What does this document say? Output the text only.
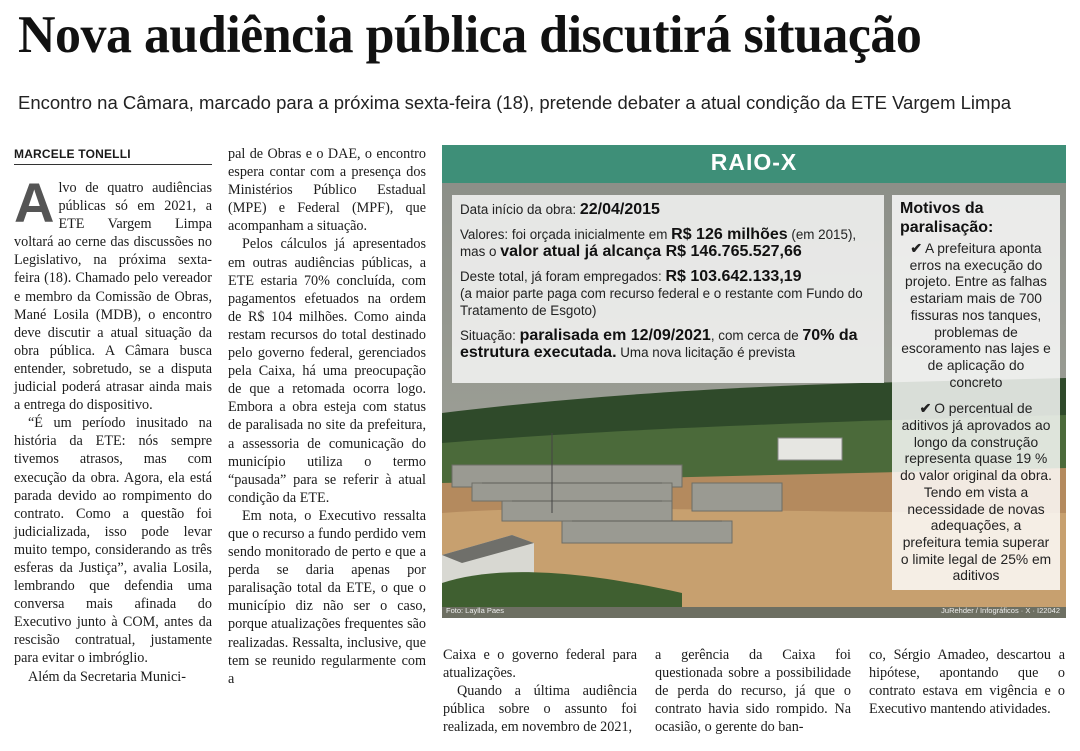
Nova audiência pública discutirá situação
Encontro na Câmara, marcado para a próxima sexta-feira (18), pretende debater a atual condição da ETE Vargem Limpa
MARCELE TONELLI

Alvo de quatro audiências públicas só em 2021, a ETE Vargem Limpa voltará ao cerne das discussões no Legislativo, na próxima sexta-feira (18). Chamado pelo vereador e membro da Comissão de Obras, Mané Losila (MDB), o encontro deve discutir a atual situação da obra pública. A Câmara busca entender, sobretudo, se a disputa judicial poderá atrasar ainda mais a entrega do dispositivo.

“É um período inusitado na história da ETE: nós sempre tivemos atrasos, mas com execução da obra. Agora, ela está parada devido ao rompimento do contrato. Como a questão foi judicializada, isso pode levar muito tempo, considerando as três esferas da Justiça”, avalia Losila, lembrando que defendia uma conversa mais afinada do Executivo junto à COM, antes da rescisão contratual, justamente para evitar o imbróglio.

Além da Secretaria Munici-

pal de Obras e o DAE, o encontro espera contar com a presença dos Ministérios Público Estadual (MPE) e Federal (MPF), que acompanham a situação.

Pelos cálculos já apresentados em outras audiências públicas, a ETE estaria 70% concluída, com pagamentos efetuados na ordem de R$ 104 milhões. Como ainda restam recursos do total destinado pelo governo federal, gerenciados pela Caixa, há uma preocupação de que a retomada ocorra logo. Embora a obra esteja com status de paralisada no site da prefeitura, a assessoria de comunicação do município utiliza o termo “pausada” para se referir à atual condição da ETE.

Em nota, o Executivo ressalta que o recurso a fundo perdido vem sendo monitorado de perto e que a perda se daria apenas por paralisação total da ETE, o que o município diz não ser o caso, porque atualizações frequentes são realizadas. Ressalta, inclusive, que tem se reunido regularmente com a

RAIO-X
Data início da obra: 22/04/2015
Valores: foi orçada inicialmente em R$ 126 milhões (em 2015), mas o valor atual já alcança R$ 146.765.527,66
Deste total, já foram empregados: R$ 103.642.133,19
(a maior parte paga com recurso federal e o restante com Fundo do Tratamento de Esgoto)
Situação: paralisada em 12/09/2021, com cerca de 70% da estrutura executada. Uma nova licitação é prevista
Motivos da paralisação:
✔ A prefeitura aponta erros na execução do projeto. Entre as falhas estariam mais de 700 fissuras nos tanques, problemas de escoramento nas lajes e de aplicação do concreto
✔ O percentual de aditivos já aprovados ao longo da construção representa quase 19 % do valor original da obra. Tendo em vista a necessidade de novas adequações, a prefeitura temia superar o limite legal de 25% em aditivos
Foto: Laylla Paes	JuRehder / Infográficos · X · I22042

Caixa e o governo federal para atualizações.

Quando a última audiência pública sobre o assunto foi realizada, em novembro de 2021,

a gerência da Caixa foi questionada sobre a possibilidade de perda do recurso, já que o contrato havia sido rompido. Na ocasião, o gerente do ban-

co, Sérgio Amadeo, descartou a hipótese, apontando que o contrato estava em vigência e o Executivo mantendo atividades.
